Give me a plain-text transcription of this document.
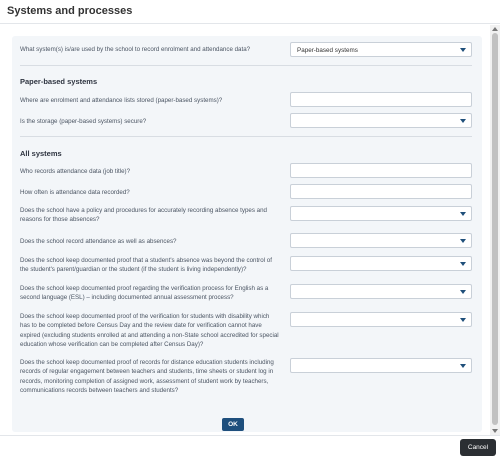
Systems and processes
What system(s) is/are used by the school to record enrolment and attendance data?	Paper-based systems
Paper-based systems
Where are enrolment and attendance lists stored (paper-based systems)?
Is the storage (paper-based systems) secure?
All systems
Who records attendance data (job title)?
How often is attendance data recorded?
Does the school have a policy and procedures for accurately recording absence types and reasons for those absences?
Does the school record attendance as well as absences?
Does the school keep documented proof that a student's absence was beyond the control of the student's parent/guardian or the student (if the student is living independently)?
Does the school keep documented proof regarding the verification process for English as a second language (ESL) – including documented annual assessment process?
Does the school keep documented proof of the verification for students with disability which has to be completed before Census Day and the review date for verification cannot have expired (excluding students enrolled at and attending a non-State school accredited for special education whose verification can be completed after Census Day)?
Does the school keep documented proof of records for distance education students including records of regular engagement between teachers and students, time sheets or student log in records, monitoring completion of assigned work, assessment of student work by teachers, communications records between teachers and students?
OK
Cancel
